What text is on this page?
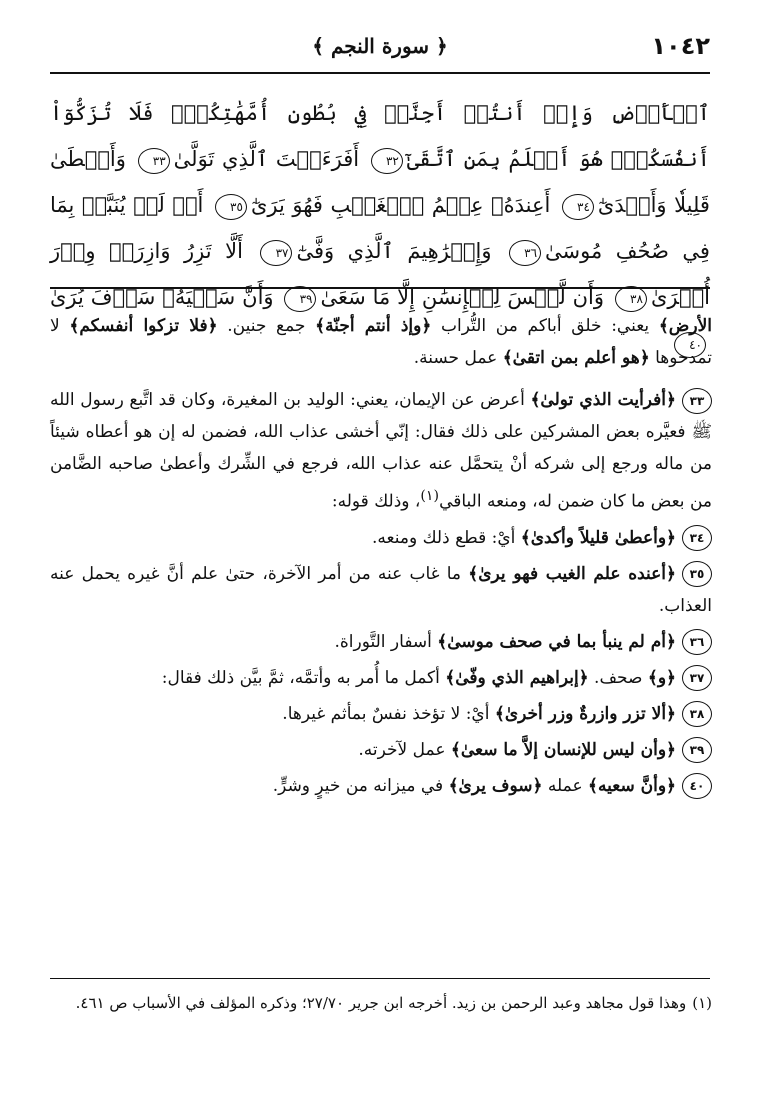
١٠٤٢
﴿ سورة النجم ﴾
ٱلۡأَرۡضِ وَإِذۡ أَنتُمۡ أَجِنَّةٞ فِي بُطُونِ أُمَّهَٰتِكُمۡۖ فَلَا تُزَكُّوٓاْ أَنفُسَكُمۡۖ هُوَ أَعۡلَمُ بِمَنِ ٱتَّقَىٰٓ٣٢ أَفَرَءَيۡتَ ٱلَّذِي تَوَلَّىٰ٣٣ وَأَعۡطَىٰ قَلِيلٗا وَأَكۡدَىٰٓ٣٤ أَعِندَهُۥ عِلۡمُ ٱلۡغَيۡبِ فَهُوَ يَرَىٰٓ٣٥ أَمۡ لَمۡ يُنَبَّأۡ بِمَا فِي صُحُفِ مُوسَىٰ٣٦ وَإِبۡرَٰهِيمَ ٱلَّذِي وَفَّىٰٓ٣٧ أَلَّا تَزِرُ وَازِرَةٞ وِزۡرَ أُخۡرَىٰ٣٨ وَأَن لَّيۡسَ لِلۡإِنسَٰنِ إِلَّا مَا سَعَىٰ٣٩ وَأَنَّ سَعۡيَهُۥ سَوۡفَ يُرَىٰ٤٠

الأرض﴾ يعني: خلق أباكم من التُّراب ﴿وإذ أنتم أجنّة﴾ جمع جنين. ﴿فلا تزكوا أنفسكم﴾ لا تمدحوها ﴿هو أعلم بمن اتقىٰ﴾ عمل حسنة.

٣٣﴿أفرأيت الذي تولىٰ﴾ أعرض عن الإيمان، يعني: الوليد بن المغيرة، وكان قد اتَّبع رسول الله ﷺ فعيَّره بعض المشركين على ذلك فقال: إنّي أخشى عذاب الله، فضمن له إن هو أعطاه شيئاً من ماله ورجع إلى شركه أنْ يتحمَّل عنه عذاب الله، فرجع في الشِّرك وأعطىٰ صاحبه الضَّامن من بعض ما كان ضمن له، ومنعه الباقي$^{(١)}$، وذلك قوله:

٣٤﴿وأعطىٰ قليلاً وأكدىٰ﴾ أيْ: قطع ذلك ومنعه.

٣٥﴿أعنده علم الغيب فهو يرىٰ﴾ ما غاب عنه من أمر الآخرة، حتىٰ علم أنَّ غيره يحمل عنه العذاب.

٣٦﴿أم لم ينبأ بما في صحف موسىٰ﴾ أسفار التَّوراة.

٣٧﴿و﴾ صحف. ﴿إبراهيم الذي وفّىٰ﴾ أكمل ما أُمر به وأتمَّه، ثمَّ بيَّن ذلك فقال:

٣٨﴿ألا تزر وازرةٌ وزر أخرىٰ﴾ أيْ: لا تؤخذ نفسٌ بمأثم غيرها.

٣٩﴿وأن ليس للإنسان إلاَّ ما سعىٰ﴾ عمل لآخرته.

٤٠﴿وأنَّ سعيه﴾ عمله ﴿سوف يرىٰ﴾ في ميزانه من خيرٍ وشرٍّ.

(١)وهذا قول مجاهد وعبد الرحمن بن زيد. أخرجه ابن جرير ٢٧/٧٠؛ وذكره المؤلف في الأسباب ص ٤٦١.
